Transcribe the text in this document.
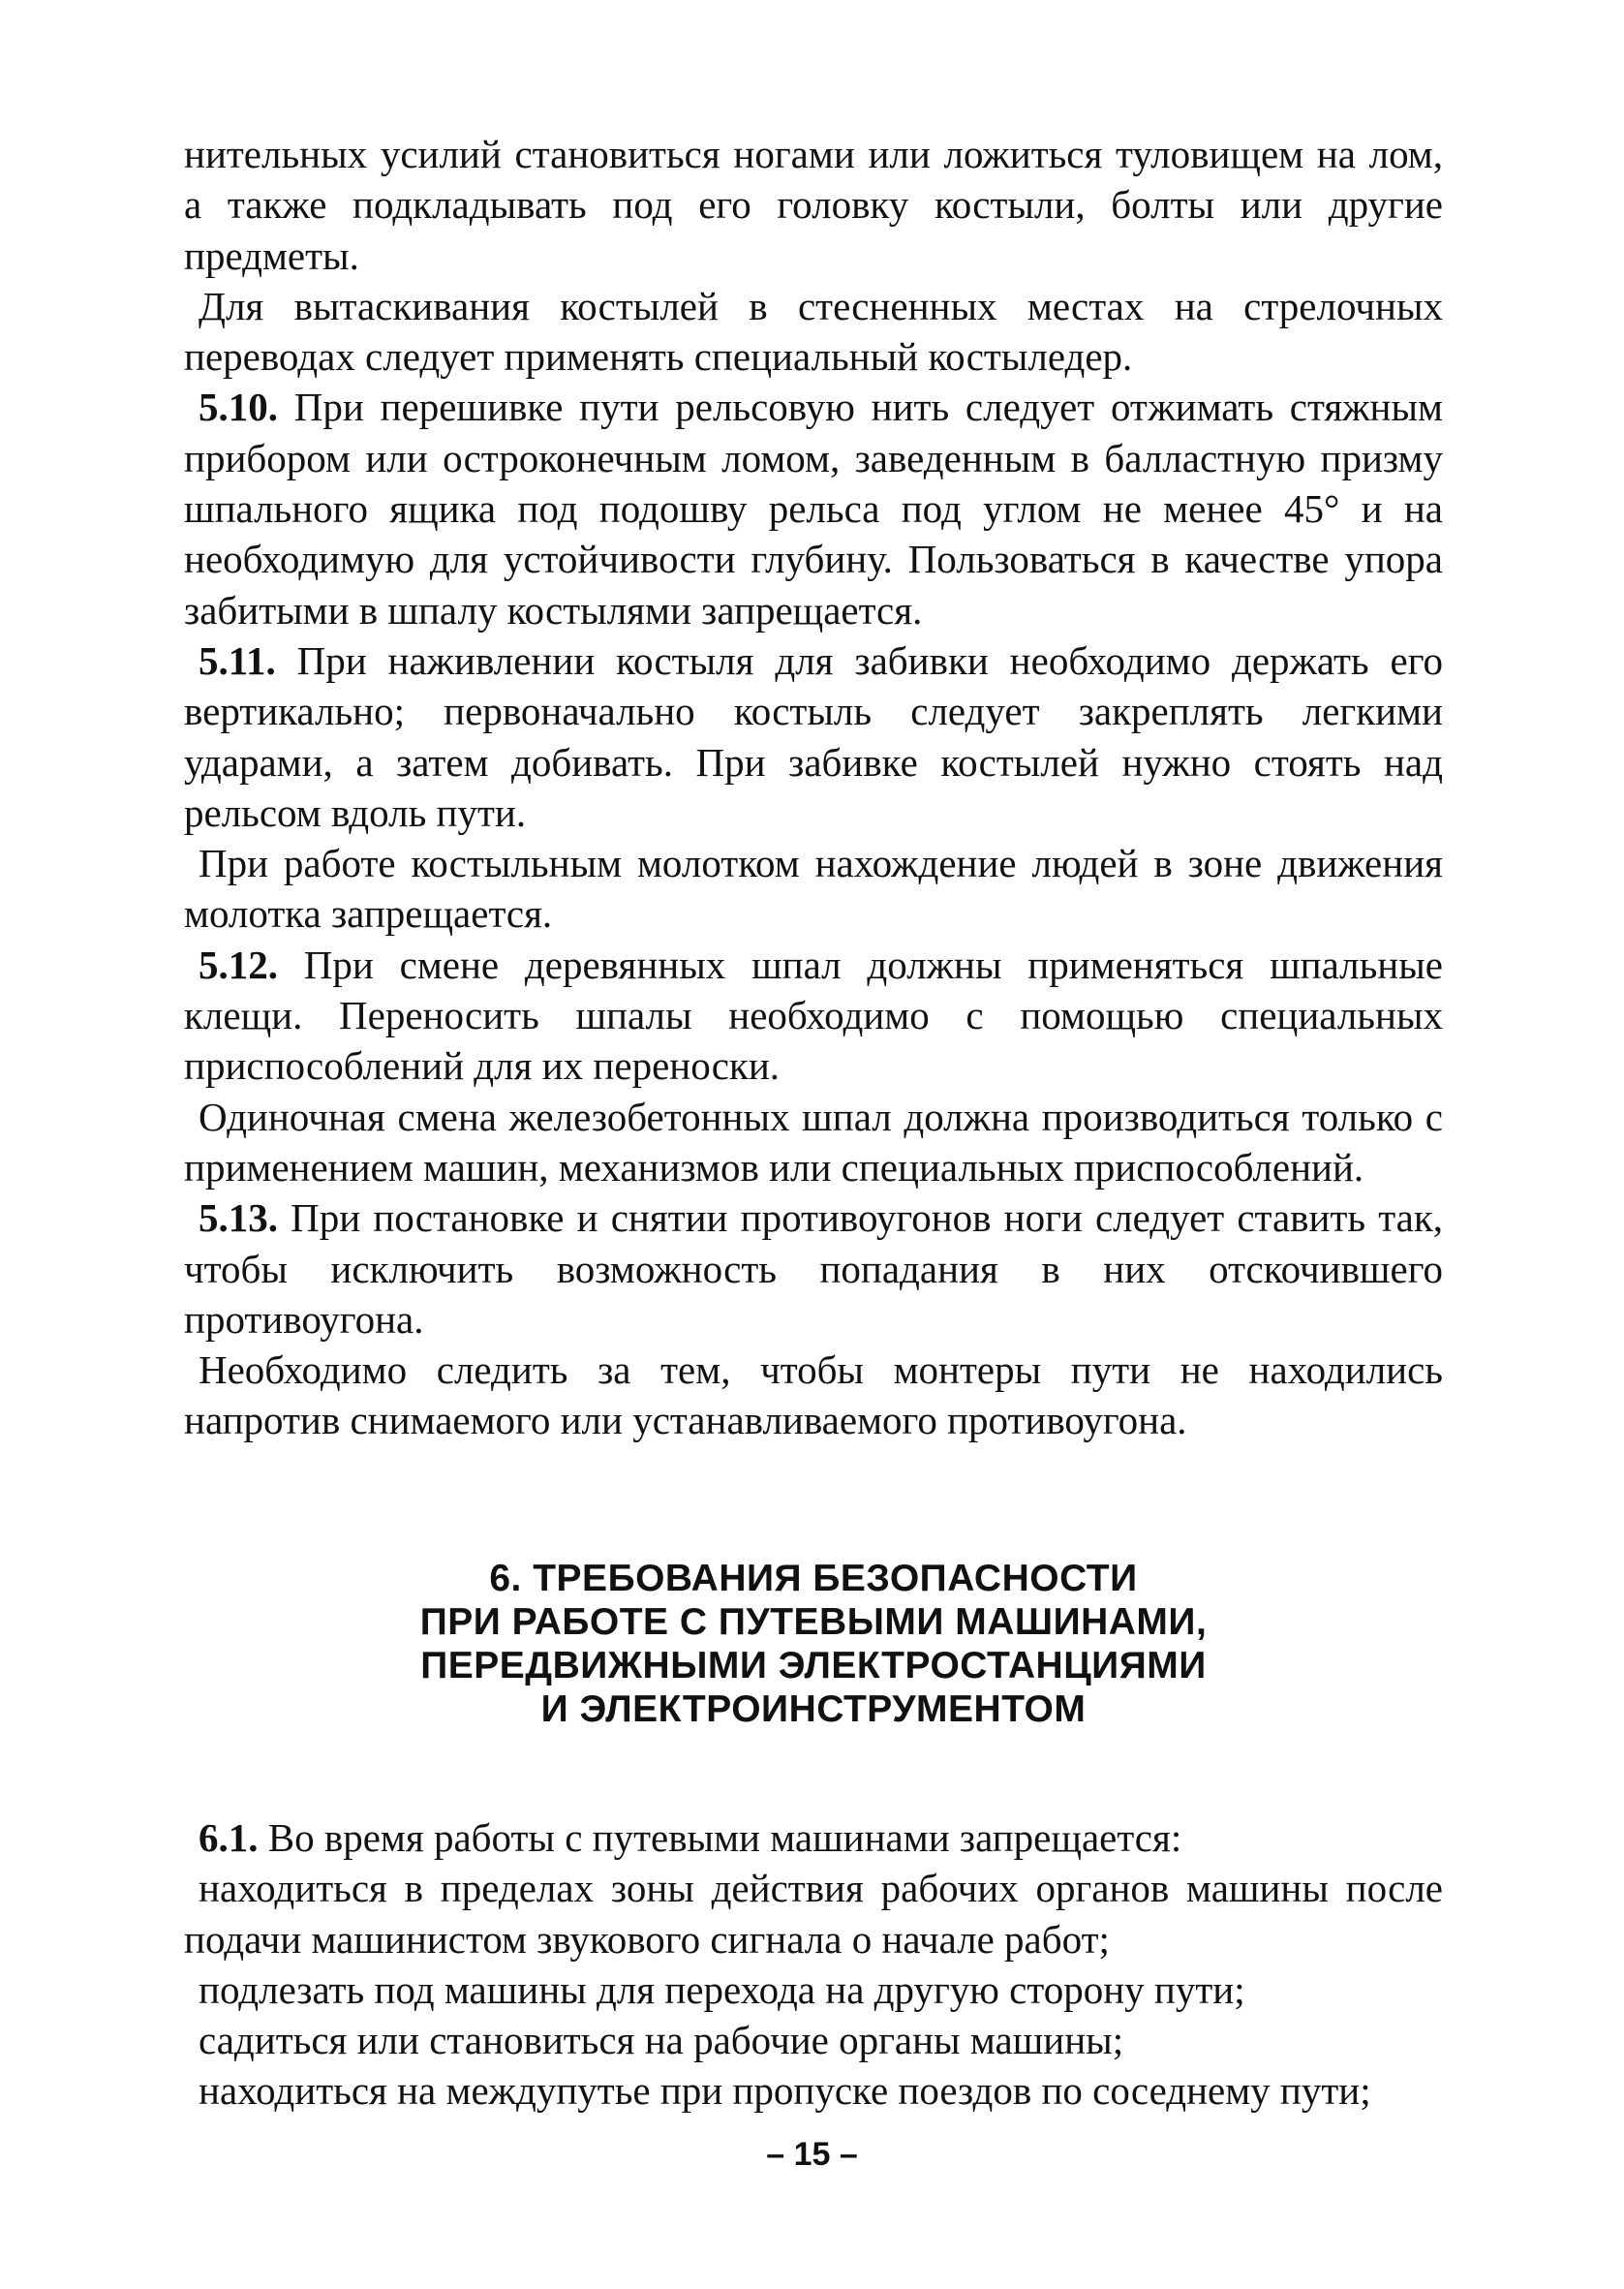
нительных усилий становиться ногами или ложиться туловищем на лом, а также подкладывать под его головку костыли, болты или другие предметы.

Для вытаскивания костылей в стесненных местах на стрелочных переводах следует применять специальный костыледер.

5.10. При перешивке пути рельсовую нить следует отжимать стяжным прибором или остроконечным ломом, заведенным в балластную призму шпального ящика под подошву рельса под углом не менее 45° и на необходимую для устойчивости глубину. Пользоваться в качестве упора забитыми в шпалу костылями запрещается.

5.11. При наживлении костыля для забивки необходимо держать его вертикально; первоначально костыль следует закреплять легкими ударами, а затем добивать. При забивке костылей нужно стоять над рельсом вдоль пути.

При работе костыльным молотком нахождение людей в зоне движения молотка запрещается.

5.12. При смене деревянных шпал должны применяться шпальные клещи. Переносить шпалы необходимо с помощью специальных приспособлений для их переноски.

Одиночная смена железобетонных шпал должна производиться только с применением машин, механизмов или специальных приспособлений.

5.13. При постановке и снятии противоугонов ноги следует ставить так, чтобы исключить возможность попадания в них отскочившего противоугона.

Необходимо следить за тем, чтобы монтеры пути не находились напротив снимаемого или устанавливаемого противоугона.

6. ТРЕБОВАНИЯ БЕЗОПАСНОСТИ
ПРИ РАБОТЕ С ПУТЕВЫМИ МАШИНАМИ,
ПЕРЕДВИЖНЫМИ ЭЛЕКТРОСТАНЦИЯМИ
И ЭЛЕКТРОИНСТРУМЕНТОМ

6.1. Во время работы с путевыми машинами запрещается:

находиться в пределах зоны действия рабочих органов машины после подачи машинистом звукового сигнала о начале работ;

подлезать под машины для перехода на другую сторону пути;

садиться или становиться на рабочие органы машины;

находиться на междупутье при пропуске поездов по соседнему пути;

– 15 –
